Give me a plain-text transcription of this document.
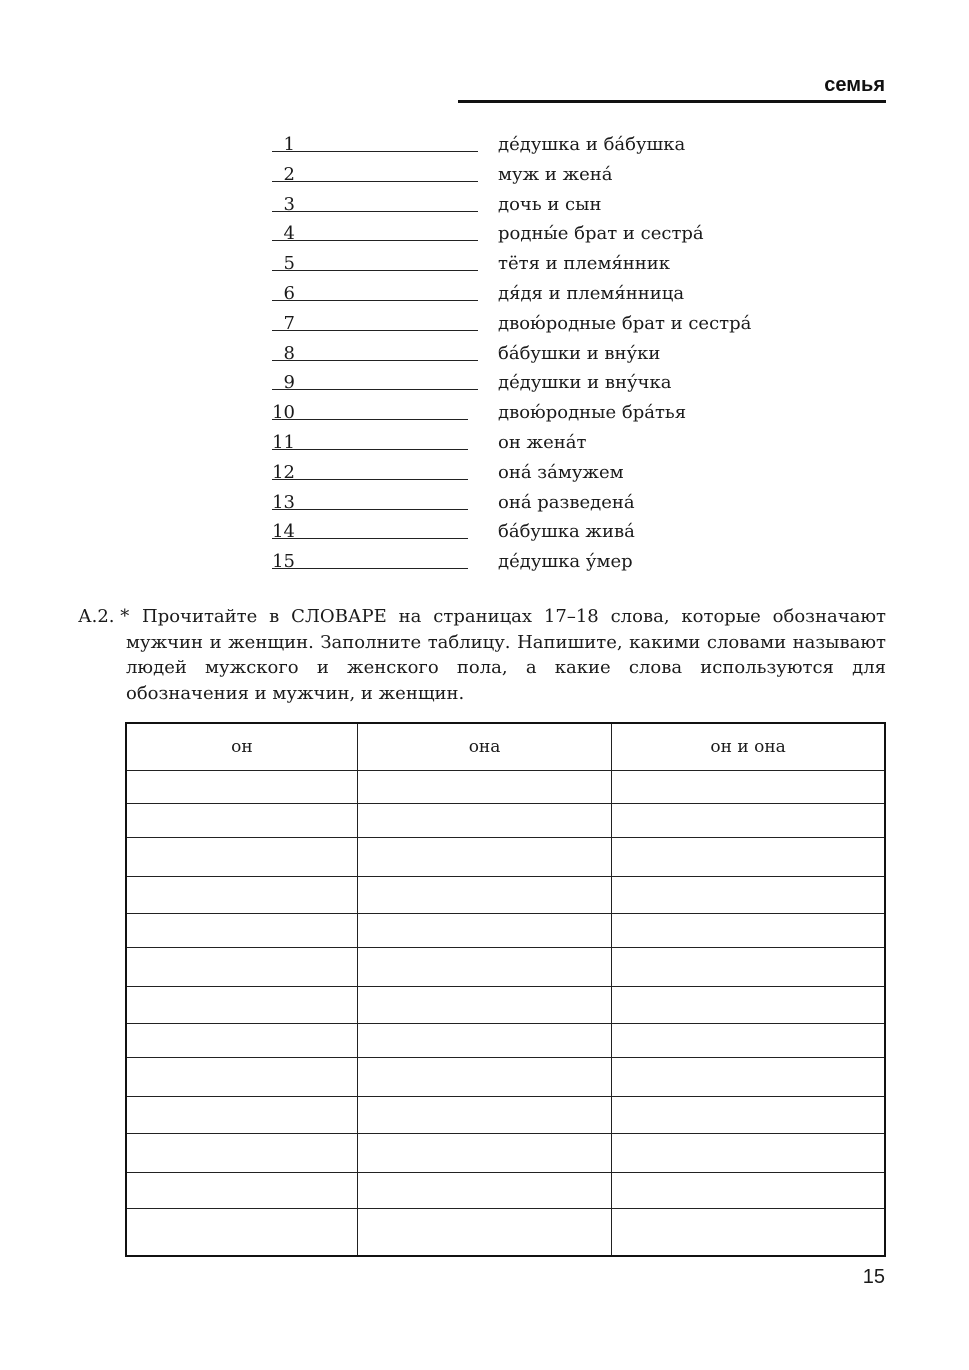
семья
1	де́душка и ба́бушка
2	муж и жена́
3	дочь и сын
4	родны́е брат и сестра́
5	тётя и племя́нник
6	дя́дя и племя́нница
7	двою́родные брат и сестра́
8	ба́бушки и вну́ки
9	де́душки и вну́чка
10	двою́родные бра́тья
11	он жена́т
12	она́ за́мужем
13	она́ разведена́
14	ба́бушка жива́
15	де́душка у́мер
А.2. * Прочитайте в СЛОВАРЕ на страницах 17–18 слова, которые обозначают мужчин и женщин. Заполните таблицу. Напишите, какими словами называют людей мужского и женского пола, а какие слова используются для обозначения и мужчин, и женщин.
он	она	он и она

15
